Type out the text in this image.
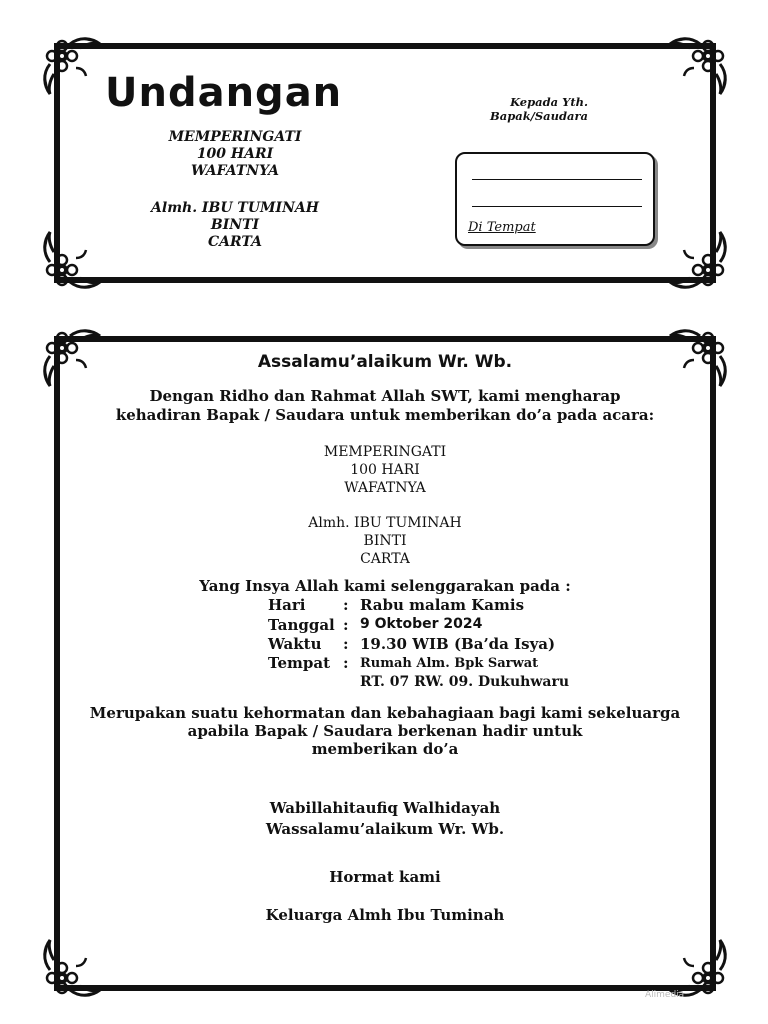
Undangan
MEMPERINGATI
100 HARI
WAFATNYA
Almh. IBU TUMINAH
BINTI
CARTA
Kepada Yth.
Bapak/Saudara
Di Tempat
Assalamu’alaikum Wr. Wb.
Dengan Ridho dan Rahmat Allah SWT, kami mengharap
kehadiran Bapak / Saudara untuk memberikan do’a pada acara:
MEMPERINGATI
100 HARI
WAFATNYA
Almh. IBU TUMINAH
BINTI
CARTA
Yang Insya Allah kami selenggarakan pada :
Hari	: Rabu malam Kamis
Tanggal : 9 Oktober 2024
Waktu : 19.30 WIB (Ba’da Isya)
Tempat : Rumah Alm. Bpk Sarwat
RT. 07 RW. 09. Dukuhwaru
Merupakan suatu kehormatan dan kebahagiaan bagi kami sekeluarga
apabila Bapak / Saudara berkenan hadir untuk
memberikan do’a
Wabillahitaufiq Walhidayah
Wassalamu’alaikum Wr. Wb.
Hormat kami
Keluarga Almh Ibu Tuminah
Alimedia
